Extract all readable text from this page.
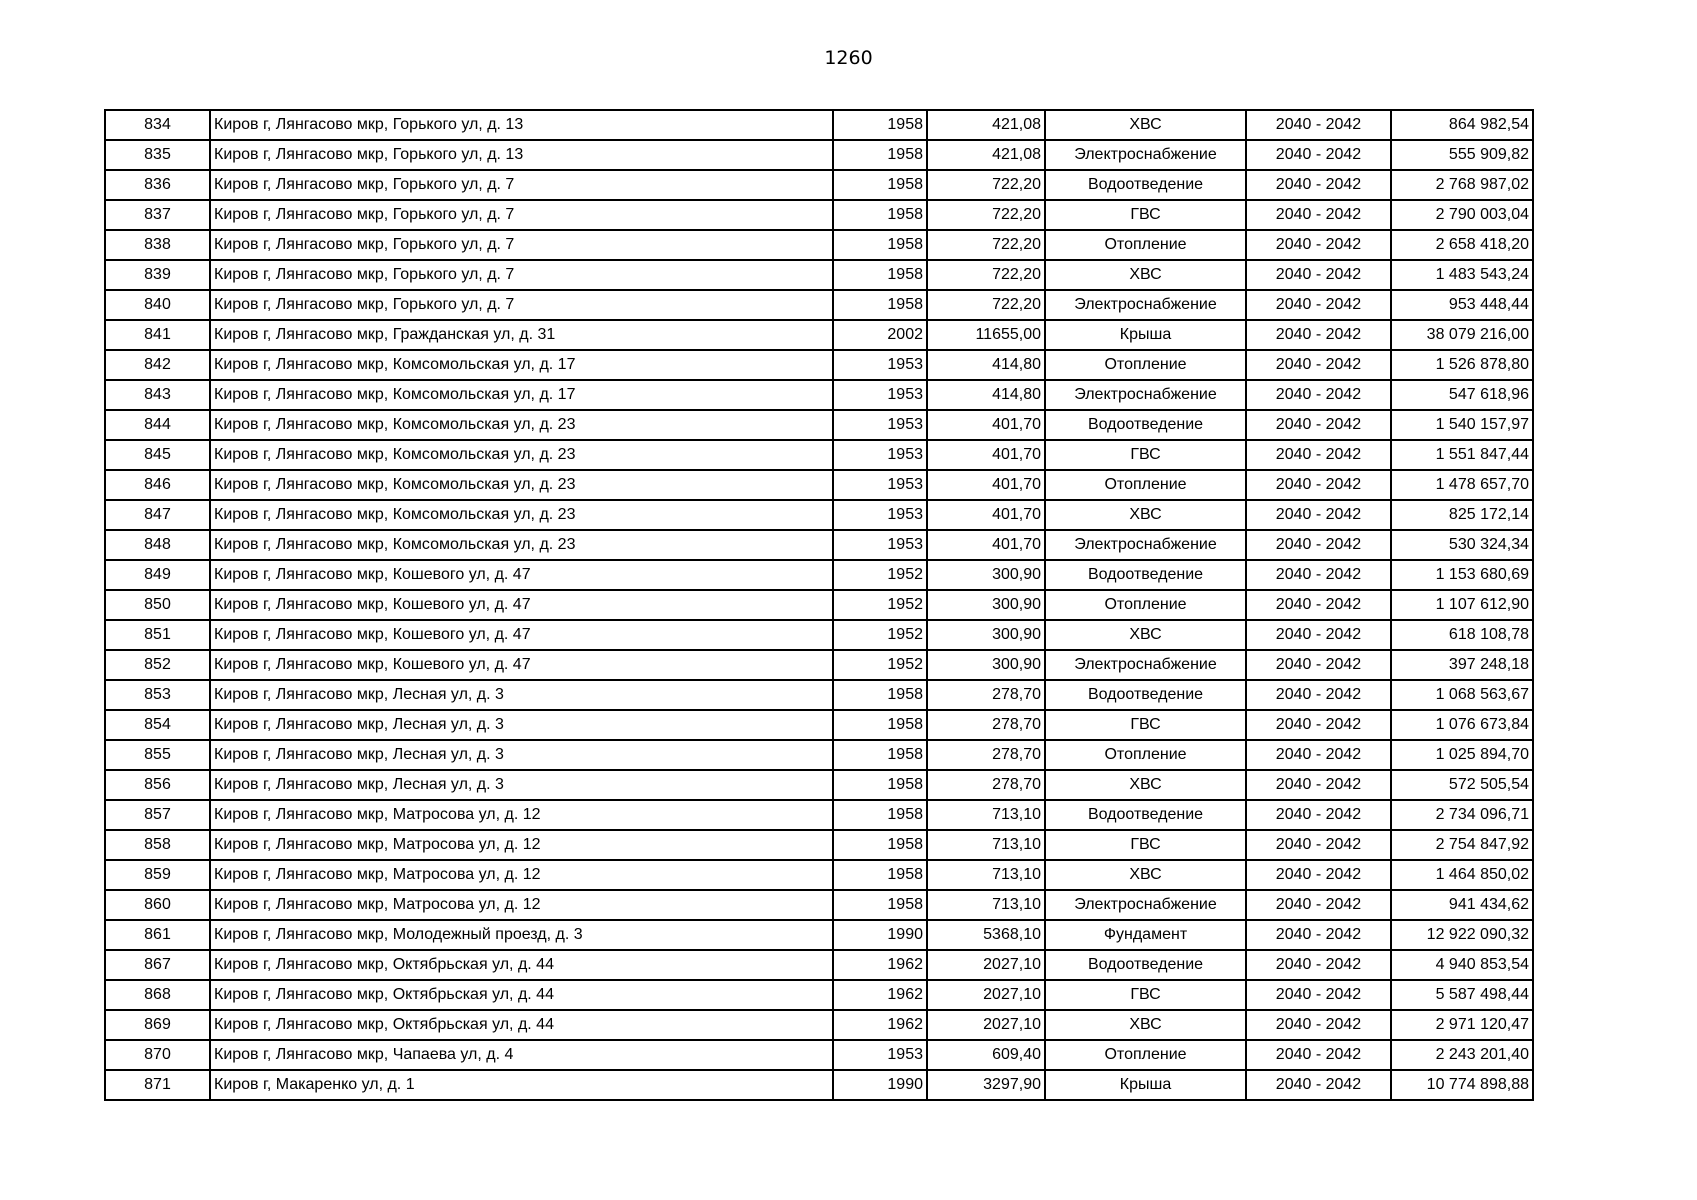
1260
834	Киров г, Лянгасово мкр, Горького ул, д. 13	1958	421,08	ХВС	2040 - 2042	864 982,54
835	Киров г, Лянгасово мкр, Горького ул, д. 13	1958	421,08	Электроснабжение	2040 - 2042	555 909,82
836	Киров г, Лянгасово мкр, Горького ул, д. 7	1958	722,20	Водоотведение	2040 - 2042	2 768 987,02
837	Киров г, Лянгасово мкр, Горького ул, д. 7	1958	722,20	ГВС	2040 - 2042	2 790 003,04
838	Киров г, Лянгасово мкр, Горького ул, д. 7	1958	722,20	Отопление	2040 - 2042	2 658 418,20
839	Киров г, Лянгасово мкр, Горького ул, д. 7	1958	722,20	ХВС	2040 - 2042	1 483 543,24
840	Киров г, Лянгасово мкр, Горького ул, д. 7	1958	722,20	Электроснабжение	2040 - 2042	953 448,44
841	Киров г, Лянгасово мкр, Гражданская ул, д. 31	2002	11655,00	Крыша	2040 - 2042	38 079 216,00
842	Киров г, Лянгасово мкр, Комсомольская ул, д. 17	1953	414,80	Отопление	2040 - 2042	1 526 878,80
843	Киров г, Лянгасово мкр, Комсомольская ул, д. 17	1953	414,80	Электроснабжение	2040 - 2042	547 618,96
844	Киров г, Лянгасово мкр, Комсомольская ул, д. 23	1953	401,70	Водоотведение	2040 - 2042	1 540 157,97
845	Киров г, Лянгасово мкр, Комсомольская ул, д. 23	1953	401,70	ГВС	2040 - 2042	1 551 847,44
846	Киров г, Лянгасово мкр, Комсомольская ул, д. 23	1953	401,70	Отопление	2040 - 2042	1 478 657,70
847	Киров г, Лянгасово мкр, Комсомольская ул, д. 23	1953	401,70	ХВС	2040 - 2042	825 172,14
848	Киров г, Лянгасово мкр, Комсомольская ул, д. 23	1953	401,70	Электроснабжение	2040 - 2042	530 324,34
849	Киров г, Лянгасово мкр, Кошевого ул, д. 47	1952	300,90	Водоотведение	2040 - 2042	1 153 680,69
850	Киров г, Лянгасово мкр, Кошевого ул, д. 47	1952	300,90	Отопление	2040 - 2042	1 107 612,90
851	Киров г, Лянгасово мкр, Кошевого ул, д. 47	1952	300,90	ХВС	2040 - 2042	618 108,78
852	Киров г, Лянгасово мкр, Кошевого ул, д. 47	1952	300,90	Электроснабжение	2040 - 2042	397 248,18
853	Киров г, Лянгасово мкр, Лесная ул, д. 3	1958	278,70	Водоотведение	2040 - 2042	1 068 563,67
854	Киров г, Лянгасово мкр, Лесная ул, д. 3	1958	278,70	ГВС	2040 - 2042	1 076 673,84
855	Киров г, Лянгасово мкр, Лесная ул, д. 3	1958	278,70	Отопление	2040 - 2042	1 025 894,70
856	Киров г, Лянгасово мкр, Лесная ул, д. 3	1958	278,70	ХВС	2040 - 2042	572 505,54
857	Киров г, Лянгасово мкр, Матросова ул, д. 12	1958	713,10	Водоотведение	2040 - 2042	2 734 096,71
858	Киров г, Лянгасово мкр, Матросова ул, д. 12	1958	713,10	ГВС	2040 - 2042	2 754 847,92
859	Киров г, Лянгасово мкр, Матросова ул, д. 12	1958	713,10	ХВС	2040 - 2042	1 464 850,02
860	Киров г, Лянгасово мкр, Матросова ул, д. 12	1958	713,10	Электроснабжение	2040 - 2042	941 434,62
861	Киров г, Лянгасово мкр, Молодежный проезд, д. 3	1990	5368,10	Фундамент	2040 - 2042	12 922 090,32
867	Киров г, Лянгасово мкр, Октябрьская ул, д. 44	1962	2027,10	Водоотведение	2040 - 2042	4 940 853,54
868	Киров г, Лянгасово мкр, Октябрьская ул, д. 44	1962	2027,10	ГВС	2040 - 2042	5 587 498,44
869	Киров г, Лянгасово мкр, Октябрьская ул, д. 44	1962	2027,10	ХВС	2040 - 2042	2 971 120,47
870	Киров г, Лянгасово мкр, Чапаева ул, д. 4	1953	609,40	Отопление	2040 - 2042	2 243 201,40
871	Киров г, Макаренко ул, д. 1	1990	3297,90	Крыша	2040 - 2042	10 774 898,88
